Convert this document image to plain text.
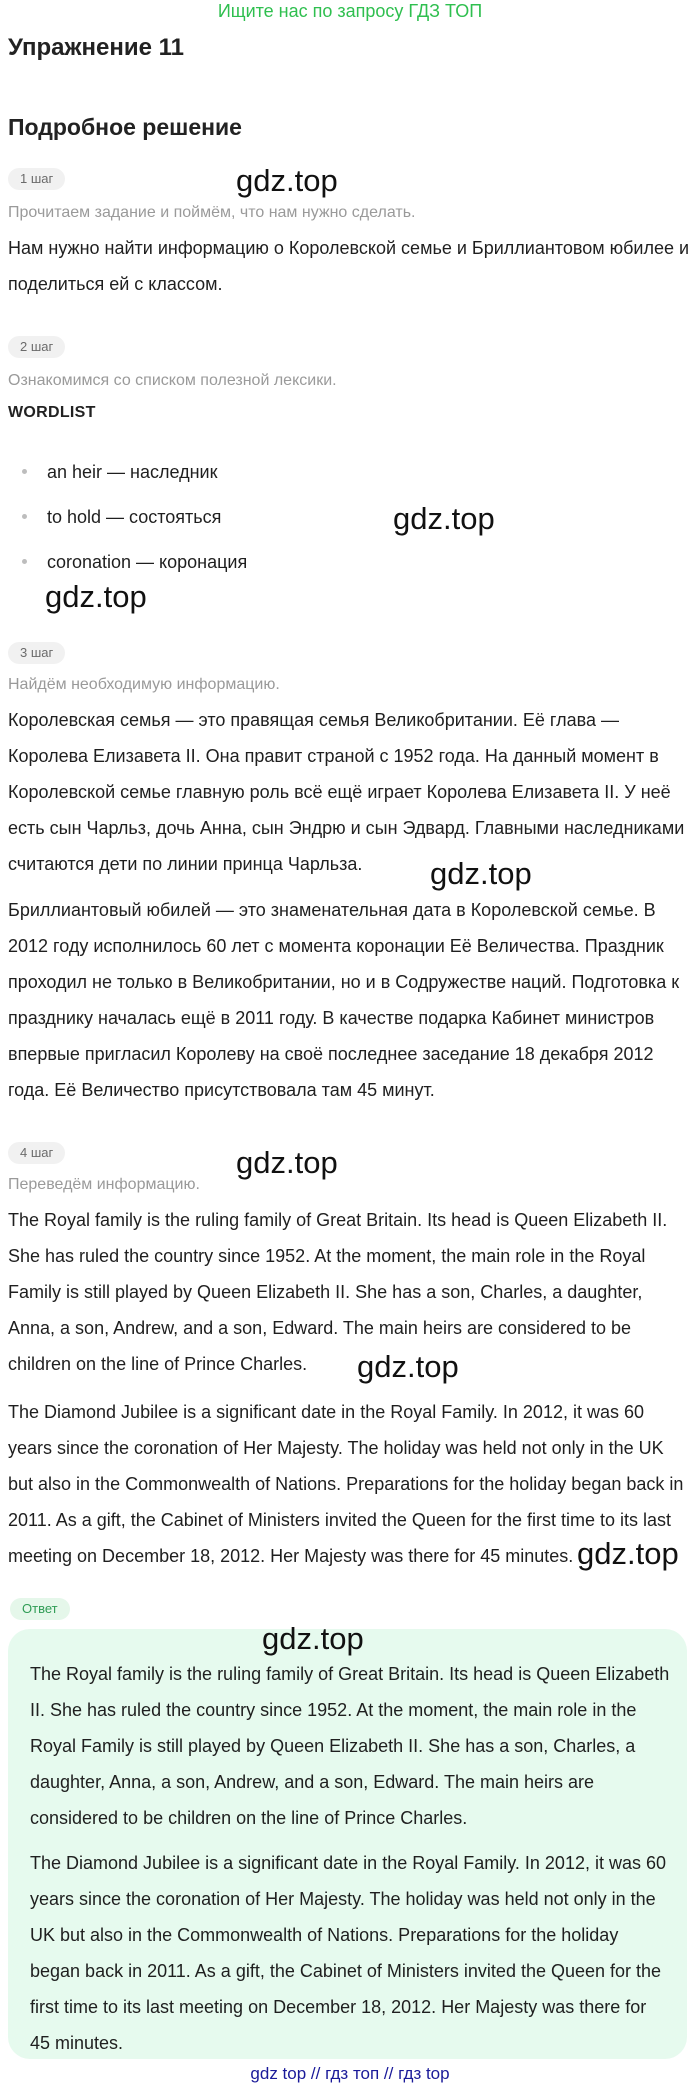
Ищите нас по запросу ГДЗ ТОП
Упражнение 11
Подробное решение
1 шаг	gdz.top
Прочитаем задание и поймём, что нам нужно сделать.

Нам нужно найти информацию о Королевской семье и Бриллиантовом юбилее и поделиться ей с классом.

2 шаг
Ознакомимся со списком полезной лексики.
WORDLIST
an heir — наследник
to hold — состояться
coronation — коронация
gdz.top
gdz.top
3 шаг
Найдём необходимую информацию.

Королевская семья — это правящая семья Великобритании. Её глава — Королева Елизавета II. Она правит страной с 1952 года. На данный момент в Королевской семье главную роль всё ещё играет Королева Елизавета II. У неё есть сын Чарльз, дочь Анна, сын Эндрю и сын Эдвард. Главными наследниками считаются дети по линии принца Чарльза.

Бриллиантовый юбилей — это знаменательная дата в Королевской семье. В 2012 году исполнилось 60 лет с момента коронации Её Величества. Праздник проходил не только в Великобритании, но и в Содружестве наций. Подготовка к празднику началась ещё в 2011 году. В качестве подарка Кабинет министров впервые пригласил Королеву на своё последнее заседание 18 декабря 2012 года. Её Величество присутствовала там 45 минут.

gdz.top
4 шаг	gdz.top
Переведём информацию.

The Royal family is the ruling family of Great Britain. Its head is Queen Elizabeth II. She has ruled the country since 1952. At the moment, the main role in the Royal Family is still played by Queen Elizabeth II. She has a son, Charles, a daughter, Anna, a son, Andrew, and a son, Edward. The main heirs are considered to be children on the line of Prince Charles.	gdz.top

The Diamond Jubilee is a significant date in the Royal Family. In 2012, it was 60 years since the coronation of Her Majesty. The holiday was held not only in the UK but also in the Commonwealth of Nations. Preparations for the holiday began back in 2011. As a gift, the Cabinet of Ministers invited the Queen for the first time to its last meeting on December 18, 2012. Her Majesty was there for 45 minutes. gdz.top
Ответ
gdz.top

The Royal family is the ruling family of Great Britain. Its head is Queen Elizabeth II. She has ruled the country since 1952. At the moment, the main role in the Royal Family is still played by Queen Elizabeth II. She has a son, Charles, a daughter, Anna, a son, Andrew, and a son, Edward. The main heirs are considered to be children on the line of Prince Charles.

The Diamond Jubilee is a significant date in the Royal Family. In 2012, it was 60 years since the coronation of Her Majesty. The holiday was held not only in the UK but also in the Commonwealth of Nations. Preparations for the holiday began back in 2011. As a gift, the Cabinet of Ministers invited the Queen for the first time to its last meeting on December 18, 2012. Her Majesty was there for 45 minutes.

gdz top // гдз топ // гдз top
